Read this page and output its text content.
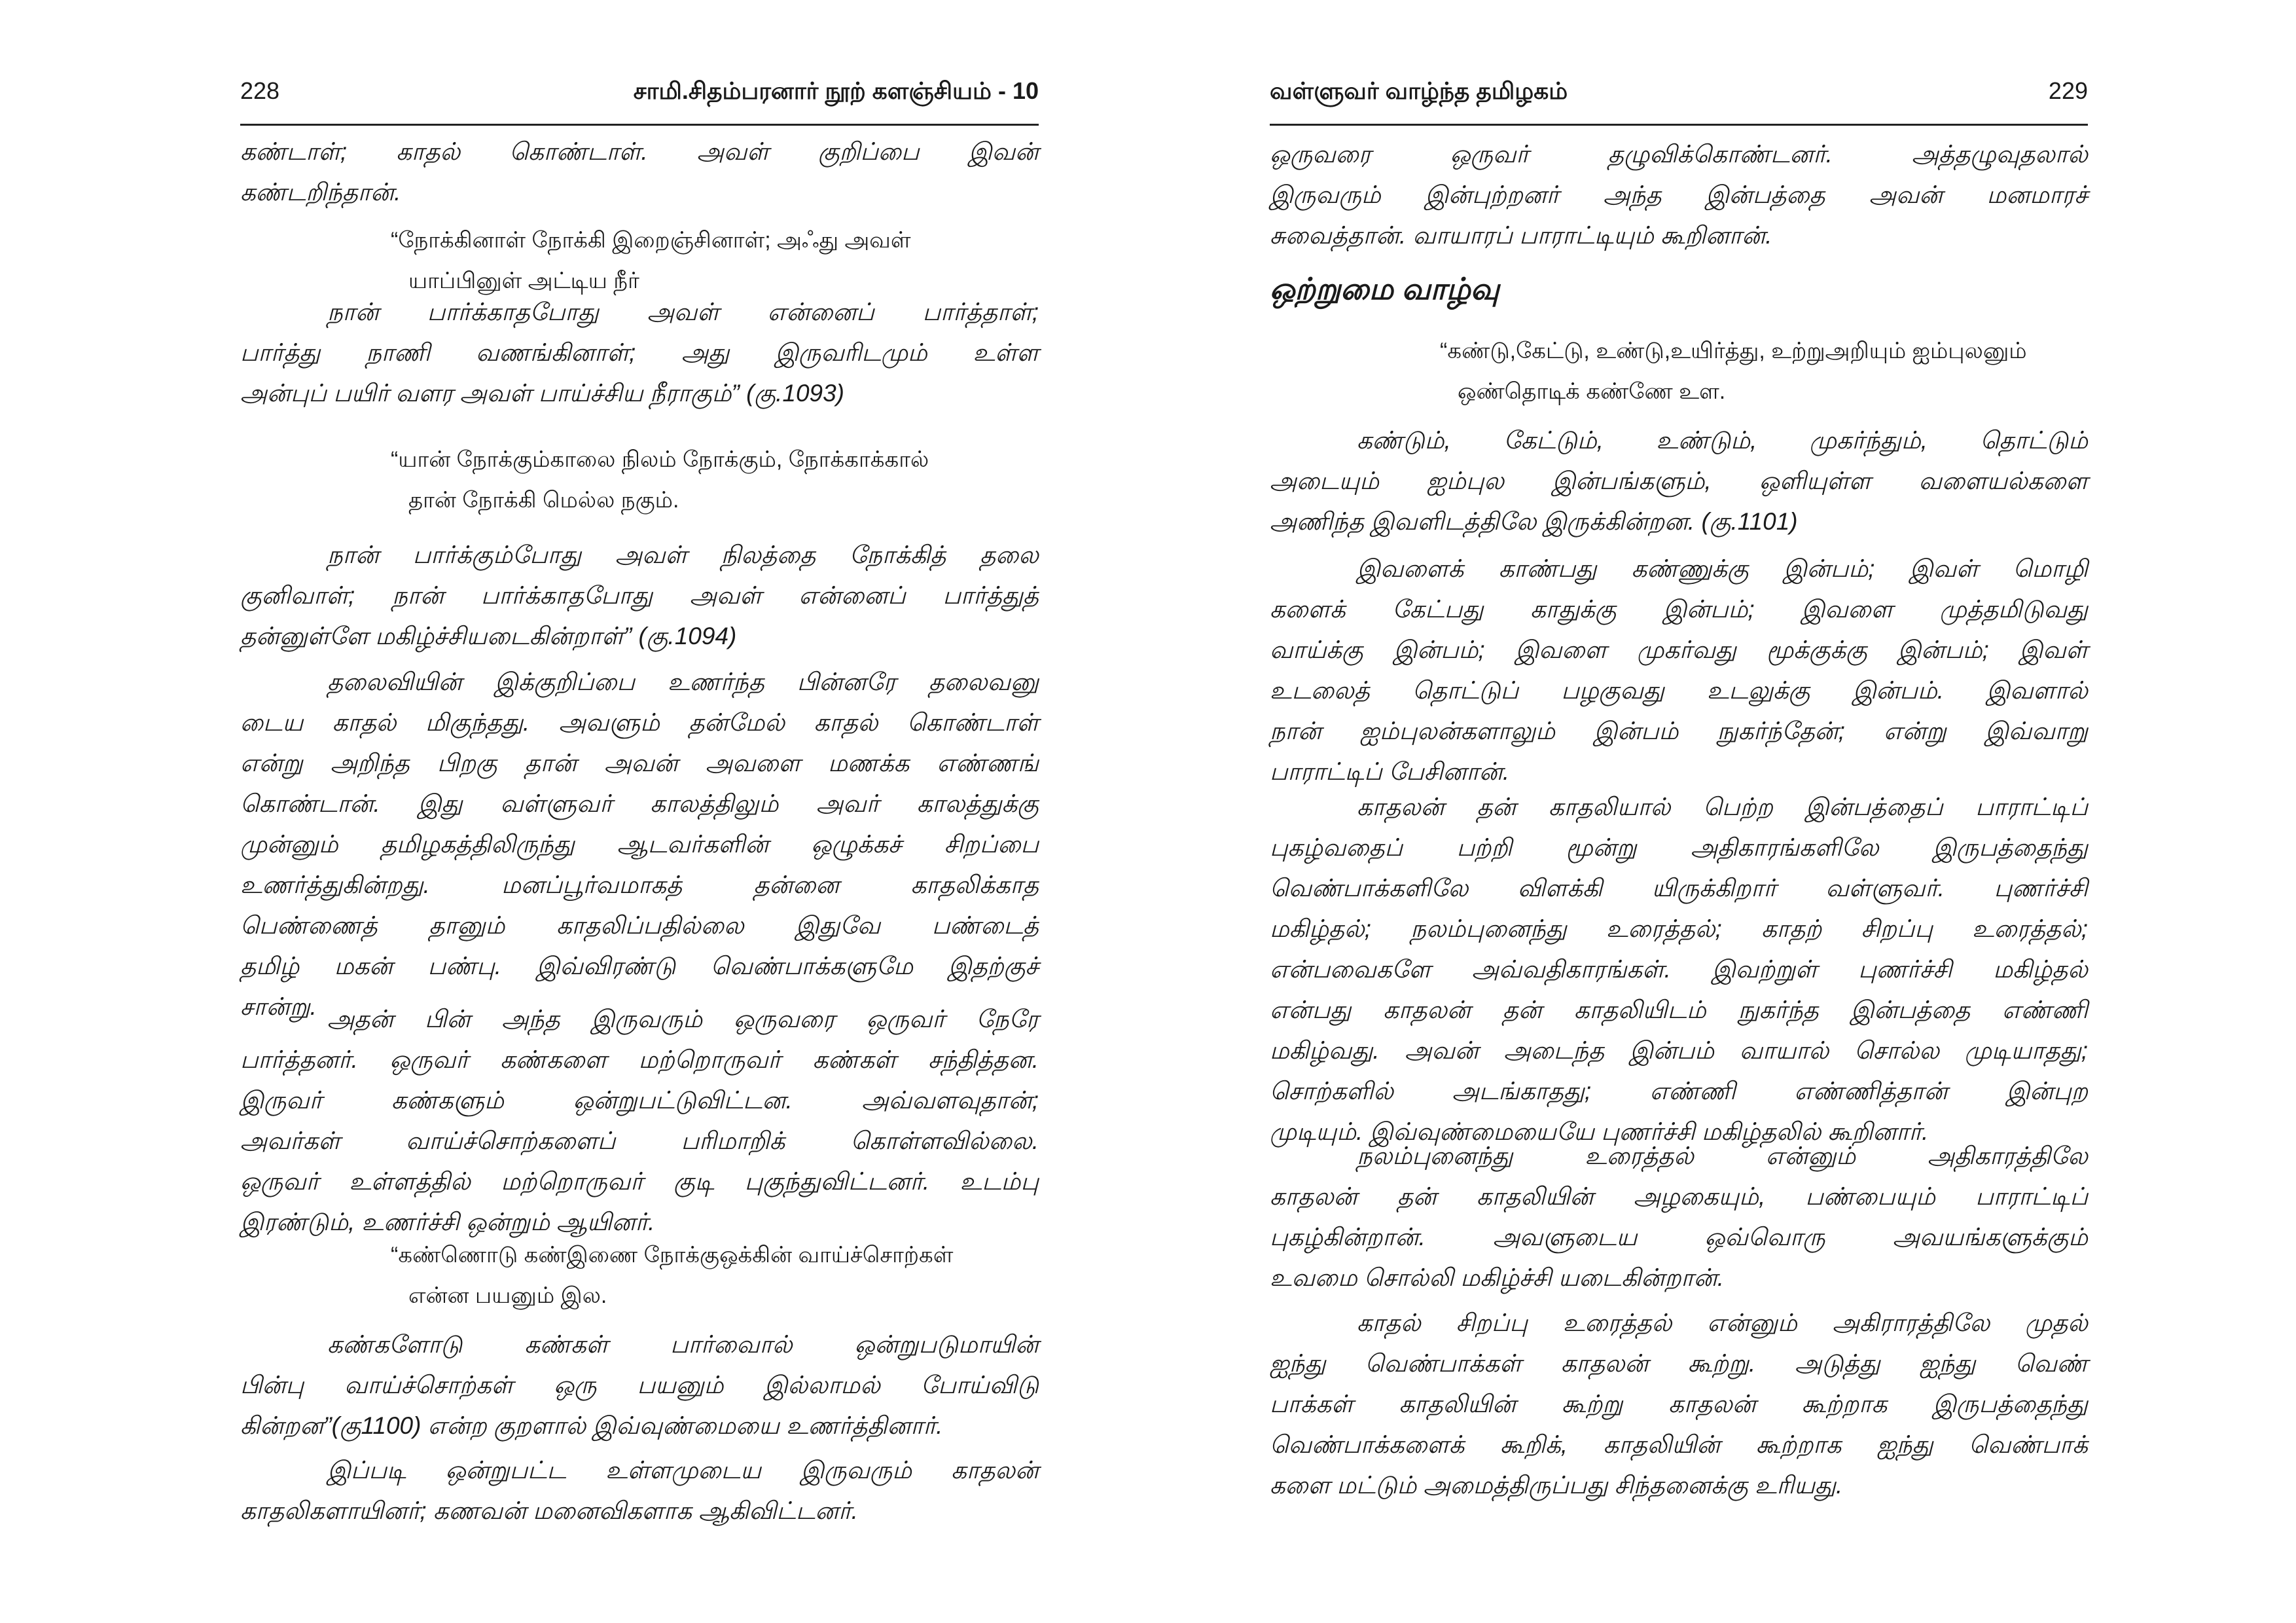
228	சாமி.சிதம்பரனார் நூற் களஞ்சியம் - 10
கண்டாள்; காதல் கொண்டாள். அவள் குறிப்பை இவன்
கண்டறிந்தான்.
“நோக்கினாள் நோக்கி இறைஞ்சினாள்; அஃது அவள்
யாப்பினுள் அட்டிய நீர்
நான் பார்க்காதபோது அவள் என்னைப் பார்த்தாள்;
பார்த்து நாணி வணங்கினாள்; அது இருவரிடமும் உள்ள
அன்புப் பயிர் வளர அவள் பாய்ச்சிய நீராகும்” (கு.1093)
“யான் நோக்கும்காலை நிலம் நோக்கும், நோக்காக்கால்
தான் நோக்கி மெல்ல நகும்.
நான் பார்க்கும்போது அவள் நிலத்தை நோக்கித் தலை
குனிவாள்; நான் பார்க்காதபோது அவள் என்னைப் பார்த்துத்
தன்னுள்ளே மகிழ்ச்சியடைகின்றாள்” (கு.1094)
தலைவியின் இக்குறிப்பை உணர்ந்த பின்னரே தலைவனு
டைய காதல் மிகுந்தது. அவளும் தன்மேல் காதல் கொண்டாள்
என்று அறிந்த பிறகு தான் அவன் அவளை மணக்க எண்ணங்
கொண்டான். இது வள்ளுவர் காலத்திலும் அவர் காலத்துக்கு
முன்னும் தமிழகத்திலிருந்து ஆடவர்களின் ஒழுக்கச் சிறப்பை
உணர்த்துகின்றது. மனப்பூர்வமாகத் தன்னை காதலிக்காத
பெண்ணைத் தானும் காதலிப்பதில்லை இதுவே பண்டைத்
தமிழ் மகன் பண்பு. இவ்விரண்டு வெண்பாக்களுமே இதற்குச்
சான்று. அதன் பின் அந்த இருவரும் ஒருவரை ஒருவர் நேரே
பார்த்தனர். ஒருவர் கண்களை மற்றொருவர் கண்கள் சந்தித்தன.
இருவர் கண்களும் ஒன்றுபட்டுவிட்டன. அவ்வளவுதான்;
அவர்கள் வாய்ச்சொற்களைப் பரிமாறிக் கொள்ளவில்லை.
ஒருவர் உள்ளத்தில் மற்றொருவர் குடி புகுந்துவிட்டனர். உடம்பு
இரண்டும், உணர்ச்சி ஒன்றும் ஆயினர்.
“கண்ணொடு கண்இணை நோக்குஒக்கின் வாய்ச்சொற்கள்
என்ன பயனும் இல.
கண்களோடு கண்கள் பார்வைால் ஒன்றுபடுமாயின்
பின்பு வாய்ச்சொற்கள் ஒரு பயனும் இல்லாமல் போய்விடு
கின்றன”(கு1100) என்ற குறளால் இவ்வுண்மையை உணர்த்தினார்.
இப்படி ஒன்றுபட்ட உள்ளமுடைய இருவரும் காதலன்
காதலிகளாயினர்; கணவன் மனைவிகளாக ஆகிவிட்டனர்.
வள்ளுவர் வாழ்ந்த தமிழகம்	229
ஒருவரை ஒருவர் தழுவிக்கொண்டனர். அத்தழுவுதலால்
இருவரும் இன்புற்றனர் அந்த இன்பத்தை அவன் மனமாரச்
சுவைத்தான். வாயாரப் பாராட்டியும் கூறினான்.
ஒற்றுமை வாழ்வு
“கண்டு,கேட்டு, உண்டு,உயிர்த்து, உற்றுஅறியும் ஐம்புலனும்
ஒண்தொடிக் கண்ணே உள.
கண்டும், கேட்டும், உண்டும், முகர்ந்தும், தொட்டும்
அடையும் ஐம்புல இன்பங்களும், ஒளியுள்ள வளையல்களை
அணிந்த இவளிடத்திலே இருக்கின்றன. (கு.1101)
இவளைக் காண்பது கண்ணுக்கு இன்பம்; இவள் மொழி
களைக் கேட்பது காதுக்கு இன்பம்; இவளை முத்தமிடுவது
வாய்க்கு இன்பம்; இவளை முகர்வது மூக்குக்கு இன்பம்; இவள்
உடலைத் தொட்டுப் பழகுவது உடலுக்கு இன்பம். இவளால்
நான் ஐம்புலன்களாலும் இன்பம் நுகர்ந்தேன்; என்று இவ்வாறு
பாராட்டிப் பேசினான்.
காதலன் தன் காதலியால் பெற்ற இன்பத்தைப் பாராட்டிப்
புகழ்வதைப் பற்றி மூன்று அதிகாரங்களிலே இருபத்தைந்து
வெண்பாக்களிலே விளக்கி யிருக்கிறார் வள்ளுவர். புணர்ச்சி
மகிழ்தல்; நலம்புனைந்து உரைத்தல்; காதற் சிறப்பு உரைத்தல்;
என்பவைகளே அவ்வதிகாரங்கள். இவற்றுள் புணர்ச்சி மகிழ்தல்
என்பது காதலன் தன் காதலியிடம் நுகர்ந்த இன்பத்தை எண்ணி
மகிழ்வது. அவன் அடைந்த இன்பம் வாயால் சொல்ல முடியாதது;
சொற்களில் அடங்காதது; எண்ணி எண்ணித்தான் இன்புற
முடியும். இவ்வுண்மையையே புணர்ச்சி மகிழ்தலில் கூறினார்.
நலம்புனைந்து உரைத்தல் என்னும் அதிகாரத்திலே
காதலன் தன் காதலியின் அழகையும், பண்பையும் பாராட்டிப்
புகழ்கின்றான். அவளுடைய ஒவ்வொரு அவயங்களுக்கும்
உவமை சொல்லி மகிழ்ச்சி யடைகின்றான்.
காதல் சிறப்பு உரைத்தல் என்னும் அகிராரத்திலே முதல்
ஐந்து வெண்பாக்கள் காதலன் கூற்று. அடுத்து ஐந்து வெண்
பாக்கள் காதலியின் கூற்று காதலன் கூற்றாக இருபத்தைந்து
வெண்பாக்களைக் கூறிக், காதலியின் கூற்றாக ஐந்து வெண்பாக்
களை மட்டும் அமைத்திருப்பது சிந்தனைக்கு உரியது.
